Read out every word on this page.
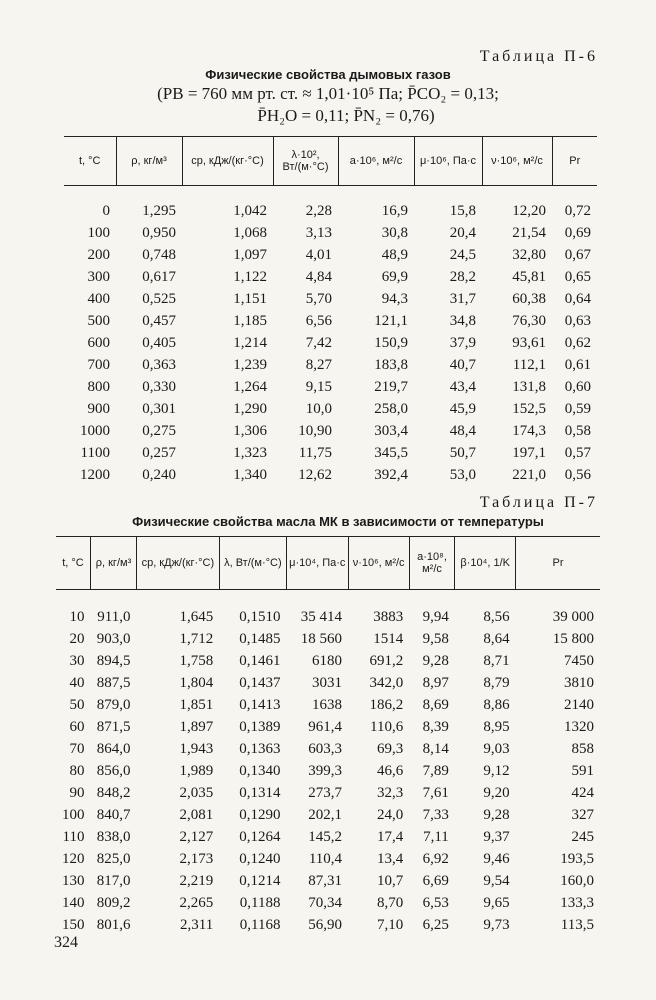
Таблица П-6
Физические свойства дымовых газов
(PB = 760 мм рт. ст. ≈ 1,01·10⁵ Па; P̄CO₂ = 0,13;
P̄H₂O = 0,11; P̄N₂ = 0,76)
t, °C	ρ, кг/м³	cp, кДж/(кг·°C)	λ·10², Вт/(м·°C)	a·10⁶, м²/с	μ·10⁶, Па·с	ν·10⁶, м²/с	Pr
0	1,295	1,042	2,28	16,9	15,8	12,20	0,72
100	0,950	1,068	3,13	30,8	20,4	21,54	0,69
200	0,748	1,097	4,01	48,9	24,5	32,80	0,67
300	0,617	1,122	4,84	69,9	28,2	45,81	0,65
400	0,525	1,151	5,70	94,3	31,7	60,38	0,64
500	0,457	1,185	6,56	121,1	34,8	76,30	0,63
600	0,405	1,214	7,42	150,9	37,9	93,61	0,62
700	0,363	1,239	8,27	183,8	40,7	112,1	0,61
800	0,330	1,264	9,15	219,7	43,4	131,8	0,60
900	0,301	1,290	10,0	258,0	45,9	152,5	0,59
1000	0,275	1,306	10,90	303,4	48,4	174,3	0,58
1100	0,257	1,323	11,75	345,5	50,7	197,1	0,57
1200	0,240	1,340	12,62	392,4	53,0	221,0	0,56
Таблица П-7
Физические свойства масла МК в зависимости от температуры
t, °C	ρ, кг/м³	cp, кДж/(кг·°C)	λ, Вт/(м·°C)	μ·10⁴, Па·с	ν·10⁶, м²/с	a·10⁸, м²/с	β·10⁴, 1/K	Pr
10	911,0	1,645	0,1510	35 414	3883	9,94	8,56	39 000
20	903,0	1,712	0,1485	18 560	1514	9,58	8,64	15 800
30	894,5	1,758	0,1461	6180	691,2	9,28	8,71	7450
40	887,5	1,804	0,1437	3031	342,0	8,97	8,79	3810
50	879,0	1,851	0,1413	1638	186,2	8,69	8,86	2140
60	871,5	1,897	0,1389	961,4	110,6	8,39	8,95	1320
70	864,0	1,943	0,1363	603,3	69,3	8,14	9,03	858
80	856,0	1,989	0,1340	399,3	46,6	7,89	9,12	591
90	848,2	2,035	0,1314	273,7	32,3	7,61	9,20	424
100	840,7	2,081	0,1290	202,1	24,0	7,33	9,28	327
110	838,0	2,127	0,1264	145,2	17,4	7,11	9,37	245
120	825,0	2,173	0,1240	110,4	13,4	6,92	9,46	193,5
130	817,0	2,219	0,1214	87,31	10,7	6,69	9,54	160,0
140	809,2	2,265	0,1188	70,34	8,70	6,53	9,65	133,3
150	801,6	2,311	0,1168	56,90	7,10	6,25	9,73	113,5
324
